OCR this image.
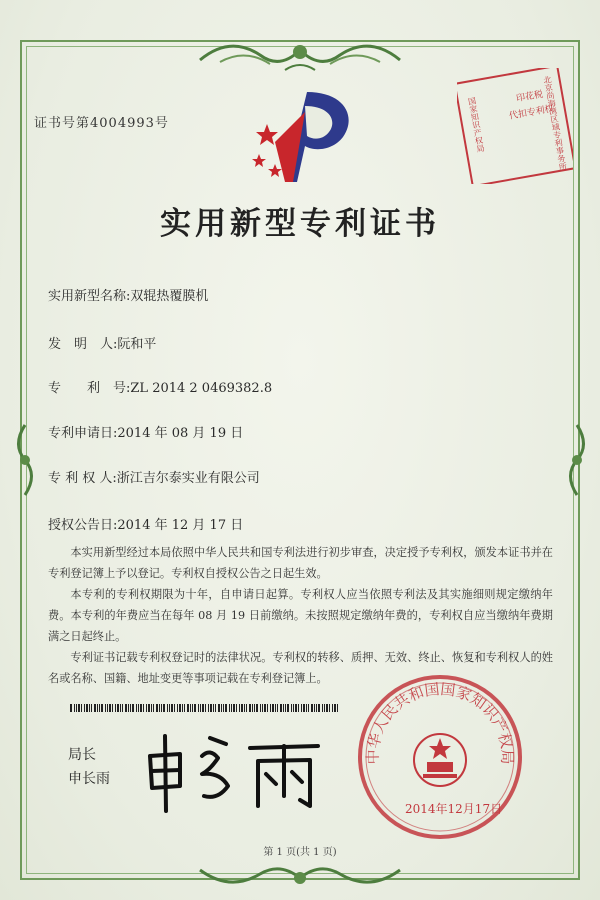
证书号第4004993号	北京尚海湾区域专利事务所
印花税
代扣专利权
国家知识产权局
实用新型专利证书
实用新型名称:双辊热覆膜机
发　明　人:阮和平
专　　利　号:ZL 2014 2 0469382.8
专利申请日:2014 年 08 月 19 日
专 利 权 人:浙江吉尔泰实业有限公司
授权公告日:2014 年 12 月 17 日

本实用新型经过本局依照中华人民共和国专利法进行初步审查，决定授予专利权，颁发本证书并在专利登记簿上予以登记。专利权自授权公告之日起生效。

本专利的专利权期限为十年，自申请日起算。专利权人应当依照专利法及其实施细则规定缴纳年费。本专利的年费应当在每年 08 月 19 日前缴纳。未按照规定缴纳年费的，专利权自应当缴纳年费期满之日起终止。

专利证书记载专利权登记时的法律状况。专利权的转移、质押、无效、终止、恢复和专利权人的姓名或名称、国籍、地址变更等事项记载在专利登记簿上。

局长
申长雨
中华人民共和国国家知识产权局
2014年12月17日
第 1 页(共 1 页)
